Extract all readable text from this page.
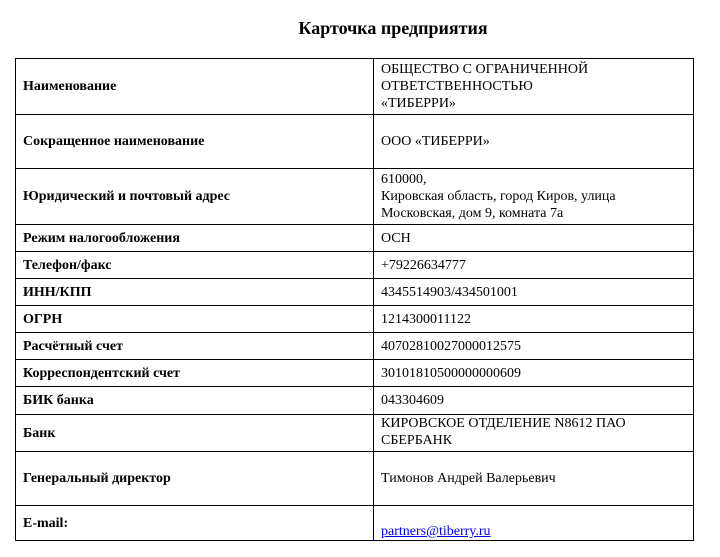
Карточка предприятия
Наименование	ОБЩЕСТВО С ОГРАНИЧЕННОЙ
ОТВЕТСТВЕННОСТЬЮ
«ТИБЕРРИ»
Сокращенное наименование	ООО «ТИБЕРРИ»
Юридический и почтовый адрес	610000,
Кировская область, город Киров, улица
Московская, дом 9, комната 7а
Режим налогообложения	ОСН
Телефон/факс	+79226634777
ИНН/КПП	4345514903/434501001
ОГРН	1214300011122
Расчётный счет	40702810027000012575
Корреспондентский счет	30101810500000000609
БИК банка	043304609
Банк	КИРОВСКОЕ ОТДЕЛЕНИЕ N8612 ПАО
СБЕРБАНК
Генеральный директор	Тимонов Андрей Валерьевич
E-mail:	partners@tiberry.ru
